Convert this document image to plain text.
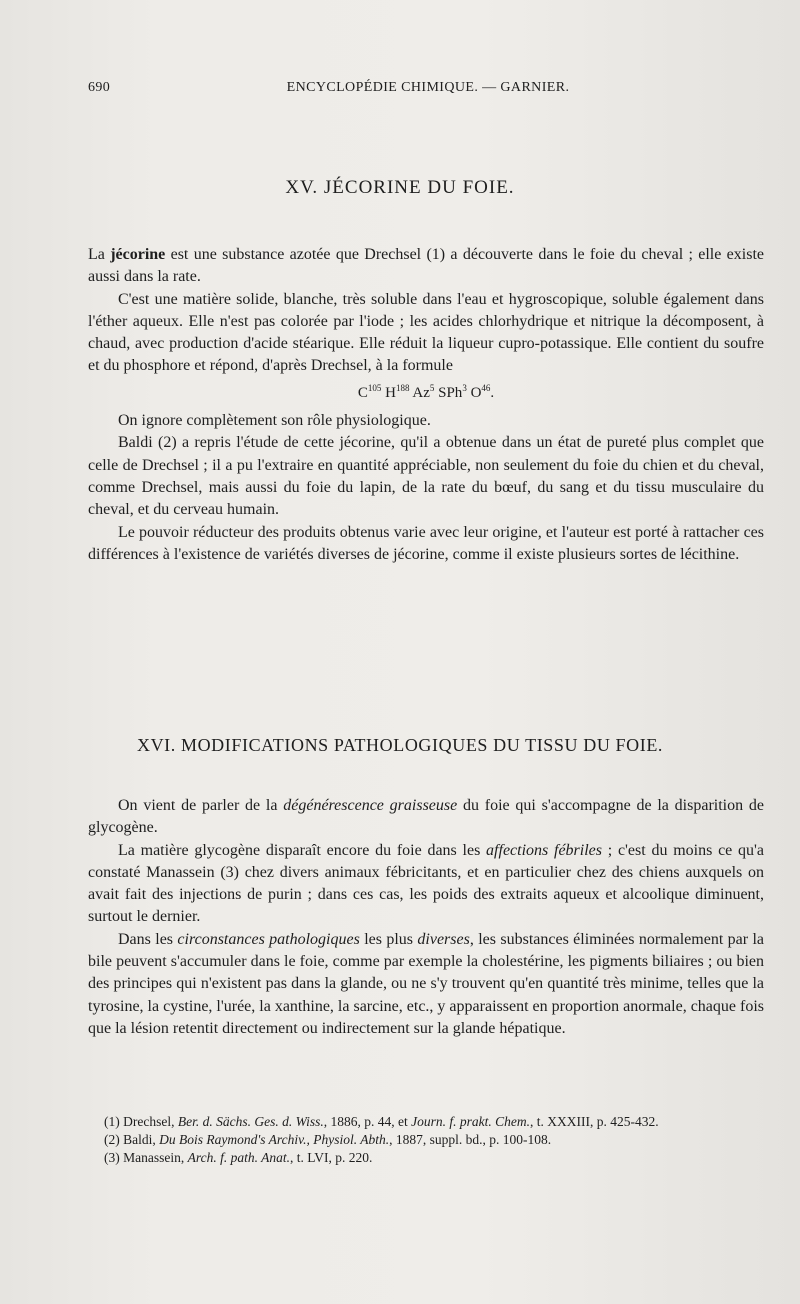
690	ENCYCLOPÉDIE CHIMIQUE. — GARNIER.
XV. JÉCORINE DU FOIE.

La jécorine est une substance azotée que Drechsel (1) a découverte dans le foie du cheval ; elle existe aussi dans la rate.

C'est une matière solide, blanche, très soluble dans l'eau et hygroscopique, soluble également dans l'éther aqueux. Elle n'est pas colorée par l'iode ; les acides chlorhydrique et nitrique la décomposent, à chaud, avec production d'acide stéarique. Elle réduit la liqueur cupro-potassique. Elle contient du soufre et du phosphore et répond, d'après Drechsel, à la formule

$C^{105}$ $H^{188}$ Az$^5$ SPh$^3$ $O^{46}$.

On ignore complètement son rôle physiologique.

Baldi (2) a repris l'étude de cette jécorine, qu'il a obtenue dans un état de pureté plus complet que celle de Drechsel ; il a pu l'extraire en quantité appréciable, non seulement du foie du chien et du cheval, comme Drechsel, mais aussi du foie du lapin, de la rate du bœuf, du sang et du tissu musculaire du cheval, et du cerveau humain.

Le pouvoir réducteur des produits obtenus varie avec leur origine, et l'auteur est porté à rattacher ces différences à l'existence de variétés diverses de jécorine, comme il existe plusieurs sortes de lécithine.

XVI. MODIFICATIONS PATHOLOGIQUES DU TISSU DU FOIE.

On vient de parler de la dégénérescence graisseuse du foie qui s'accompagne de la disparition de glycogène.

La matière glycogène disparaît encore du foie dans les affections fébriles ; c'est du moins ce qu'a constaté Manassein (3) chez divers animaux fébricitants, et en particulier chez des chiens auxquels on avait fait des injections de purin ; dans ces cas, les poids des extraits aqueux et alcoolique diminuent, surtout le dernier.

Dans les circonstances pathologiques les plus diverses, les substances éliminées normalement par la bile peuvent s'accumuler dans le foie, comme par exemple la cholestérine, les pigments biliaires ; ou bien des principes qui n'existent pas dans la glande, ou ne s'y trouvent qu'en quantité très minime, telles que la tyrosine, la cystine, l'urée, la xanthine, la sarcine, etc., y apparaissent en proportion anormale, chaque fois que la lésion retentit directement ou indirectement sur la glande hépatique.

(1) Drechsel, Ber. d. Sächs. Ges. d. Wiss., 1886, p. 44, et Journ. f. prakt. Chem., t. XXXIII, p. 425-432.

(2) Baldi, Du Bois Raymond's Archiv., Physiol. Abth., 1887, suppl. bd., p. 100-108.

(3) Manassein, Arch. f. path. Anat., t. LVI, p. 220.
